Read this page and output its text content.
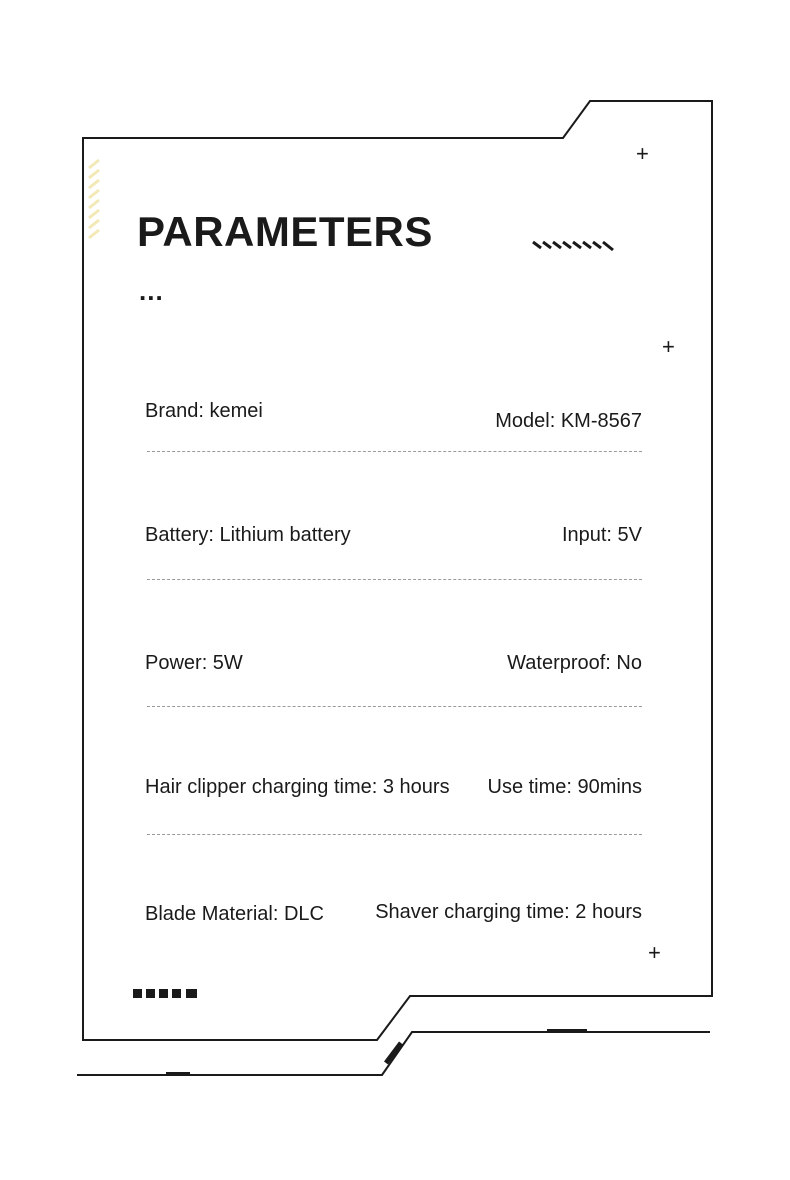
PARAMETERS
...
+
+
+
Brand: kemei	Model: KM-8567
Battery: Lithium battery	Input: 5V
Power: 5W	Waterproof: No
Hair clipper charging time: 3 hours Use time: 90mins
Blade Material: DLC	Shaver charging time: 2 hours
